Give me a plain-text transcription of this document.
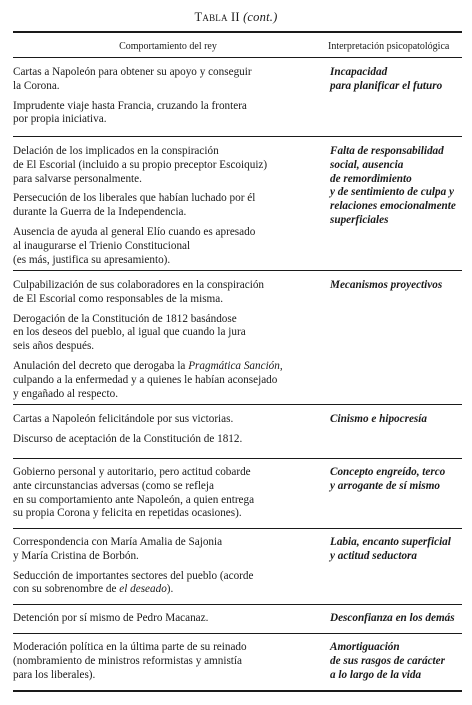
Tabla II (cont.)
Comportamiento del rey	Interpretación psicopatológica

Cartas a Napoleón para obtener su apoyo y conseguir
la Corona.

Imprudente viaje hasta Francia, cruzando la frontera
por propia iniciativa.

Incapacidad
para planificar el futuro

Delación de los implicados en la conspiración
de El Escorial (incluido a su propio preceptor Escoiquiz)
para salvarse personalmente.

Persecución de los liberales que habían luchado por él
durante la Guerra de la Independencia.

Ausencia de ayuda al general Elío cuando es apresado
al inaugurarse el Trienio Constitucional
(es más, justifica su apresamiento).

Falta de responsabilidad
social, ausencia
de remordimiento
y de sentimiento de culpa y
relaciones emocionalmente
superficiales

Culpabilización de sus colaboradores en la conspiración
de El Escorial como responsables de la misma.

Derogación de la Constitución de 1812 basándose
en los deseos del pueblo, al igual que cuando la jura
seis años después.

Anulación del decreto que derogaba la Pragmática Sanción,
culpando a la enfermedad y a quienes le habían aconsejado
y engañado al respecto.

Mecanismos proyectivos

Cartas a Napoleón felicitándole por sus victorias.

Discurso de aceptación de la Constitución de 1812.

Cinismo e hipocresía

Gobierno personal y autoritario, pero actitud cobarde
ante circunstancias adversas (como se refleja
en su comportamiento ante Napoleón, a quien entrega
su propia Corona y felicita en repetidas ocasiones).

Concepto engreído, terco
y arrogante de sí mismo

Correspondencia con María Amalia de Sajonia
y María Cristina de Borbón.

Seducción de importantes sectores del pueblo (acorde
con su sobrenombre de el deseado).

Labia, encanto superficial
y actitud seductora

Detención por sí mismo de Pedro Macanaz.	Desconfianza en los demás

Moderación política en la última parte de su reinado
(nombramiento de ministros reformistas y amnistía
para los liberales).

Amortiguación
de sus rasgos de carácter
a lo largo de la vida
